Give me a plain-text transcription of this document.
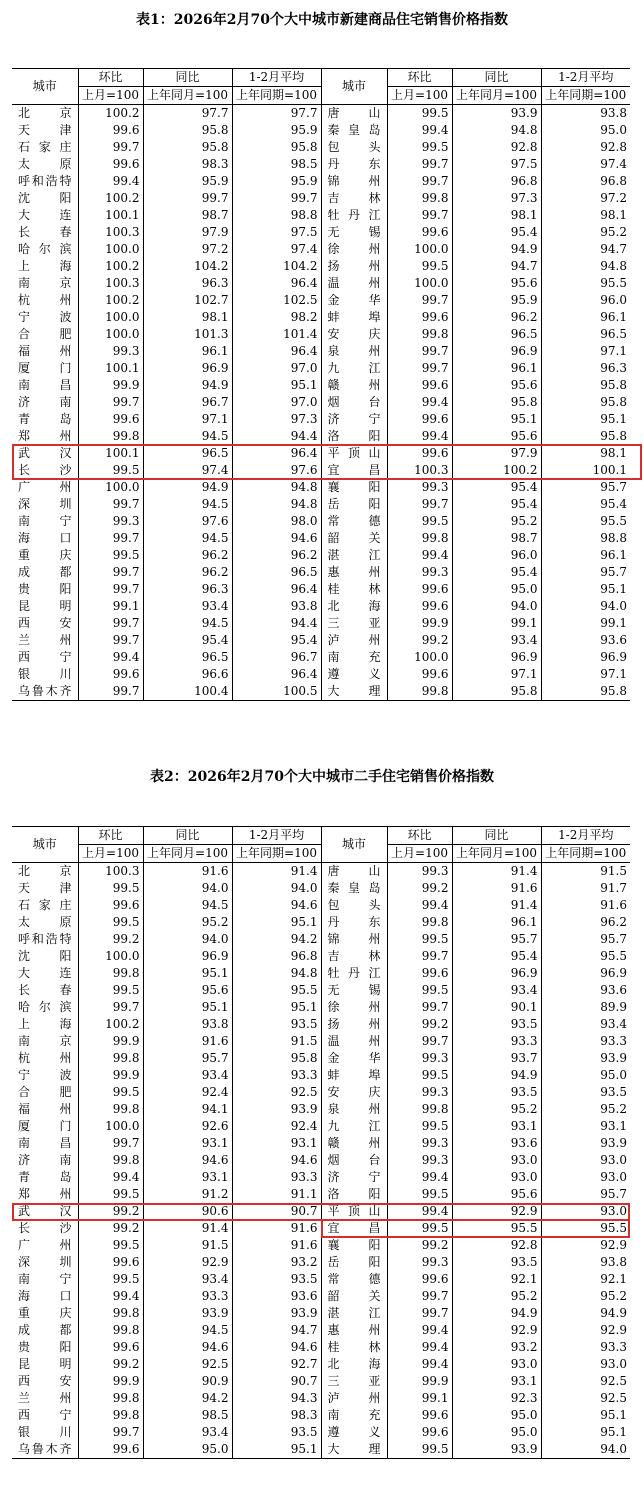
表1：2026年2月70个大中城市新建商品住宅销售价格指数
城市	环比	同比	1-2月平均	城市	环比	同比	1-2月平均
	上月=100	上年同月=100	上年同期=100		上月=100	上年同月=100	上年同期=100
北　京	100.2	97.7	97.7	唐　山	99.5	93.9	93.8
天　津	99.6	95.8	95.9	秦皇岛	99.4	94.8	95.0
石家庄	99.7	95.8	95.8	包　头	99.5	92.8	92.8
太　原	99.6	98.3	98.5	丹　东	99.7	97.5	97.4
呼和浩特	99.4	95.9	95.9	锦　州	99.7	96.8	96.8
沈　阳	100.2	99.7	99.7	吉　林	99.8	97.3	97.2
大　连	100.1	98.7	98.8	牡丹江	99.7	98.1	98.1
长　春	100.3	97.9	97.5	无　锡	99.6	95.4	95.2
哈尔滨	100.0	97.2	97.4	徐　州	100.0	94.9	94.7
上　海	100.2	104.2	104.2	扬　州	99.5	94.7	94.8
南　京	100.3	96.3	96.4	温　州	100.0	95.6	95.5
杭　州	100.2	102.7	102.5	金　华	99.7	95.9	96.0
宁　波	100.0	98.1	98.2	蚌　埠	99.6	96.2	96.1
合　肥	100.0	101.3	101.4	安　庆	99.8	96.5	96.5
福　州	99.3	96.1	96.4	泉　州	99.7	96.9	97.1
厦　门	100.1	96.9	97.0	九　江	99.7	96.1	96.3
南　昌	99.9	94.9	95.1	赣　州	99.6	95.6	95.8
济　南	99.7	96.7	97.0	烟　台	99.4	95.8	95.8
青　岛	99.6	97.1	97.3	济　宁	99.6	95.1	95.1
郑　州	99.8	94.5	94.4	洛　阳	99.4	95.6	95.8
武　汉	100.1	96.5	96.4	平顶山	99.6	97.9	98.1
长　沙	99.5	97.4	97.6	宜　昌	100.3	100.2	100.1
广　州	100.0	94.9	94.8	襄　阳	99.3	95.4	95.7
深　圳	99.7	94.5	94.8	岳　阳	99.7	95.4	95.4
南　宁	99.3	97.6	98.0	常　德	99.5	95.2	95.5
海　口	99.7	94.5	94.6	韶　关	99.8	98.7	98.8
重　庆	99.5	96.2	96.2	湛　江	99.4	96.0	96.1
成　都	99.7	96.2	96.5	惠　州	99.3	95.4	95.7
贵　阳	99.7	96.3	96.4	桂　林	99.6	95.0	95.1
昆　明	99.1	93.4	93.8	北　海	99.6	94.0	94.0
西　安	99.7	94.5	94.4	三　亚	99.9	99.1	99.1
兰　州	99.7	95.4	95.4	泸　州	99.2	93.4	93.6
西　宁	99.4	96.5	96.7	南　充	100.0	96.9	96.9
银　川	99.6	96.6	96.4	遵　义	99.6	97.1	97.1
乌鲁木齐	99.7	100.4	100.5	大　理	99.8	95.8	95.8
表2：2026年2月70个大中城市二手住宅销售价格指数
城市	环比	同比	1-2月平均	城市	环比	同比	1-2月平均
	上月=100	上年同月=100	上年同期=100		上月=100	上年同月=100	上年同期=100
北　京	100.3	91.6	91.4	唐　山	99.3	91.4	91.5
天　津	99.5	94.0	94.0	秦皇岛	99.2	91.6	91.7
石家庄	99.6	94.5	94.6	包　头	99.4	91.4	91.6
太　原	99.5	95.2	95.1	丹　东	99.8	96.1	96.2
呼和浩特	99.2	94.0	94.2	锦　州	99.5	95.7	95.7
沈　阳	100.0	96.9	96.8	吉　林	99.7	95.4	95.5
大　连	99.8	95.1	94.8	牡丹江	99.6	96.9	96.9
长　春	99.5	95.6	95.5	无　锡	99.5	93.4	93.6
哈尔滨	99.7	95.1	95.1	徐　州	99.7	90.1	89.9
上　海	100.2	93.8	93.5	扬　州	99.2	93.5	93.4
南　京	99.9	91.6	91.5	温　州	99.7	93.3	93.3
杭　州	99.8	95.7	95.8	金　华	99.3	93.7	93.9
宁　波	99.9	93.4	93.3	蚌　埠	99.5	94.9	95.0
合　肥	99.5	92.4	92.5	安　庆	99.3	93.5	93.5
福　州	99.8	94.1	93.9	泉　州	99.8	95.2	95.2
厦　门	100.0	92.6	92.4	九　江	99.5	93.1	93.1
南　昌	99.7	93.1	93.1	赣　州	99.3	93.6	93.9
济　南	99.8	94.6	94.6	烟　台	99.3	93.0	93.0
青　岛	99.4	93.1	93.3	济　宁	99.4	93.0	93.0
郑　州	99.5	91.2	91.1	洛　阳	99.5	95.6	95.7
武　汉	99.2	90.6	90.7	平顶山	99.4	92.9	93.0
长　沙	99.2	91.4	91.6	宜　昌	99.5	95.5	95.5
广　州	99.5	91.5	91.6	襄　阳	99.2	92.8	92.9
深　圳	99.6	92.9	93.2	岳　阳	99.3	93.5	93.8
南　宁	99.5	93.4	93.5	常　德	99.6	92.1	92.1
海　口	99.4	93.3	93.6	韶　关	99.7	95.2	95.2
重　庆	99.8	93.9	93.9	湛　江	99.7	94.9	94.9
成　都	99.8	94.5	94.7	惠　州	99.4	92.9	92.9
贵　阳	99.6	94.6	94.6	桂　林	99.4	93.2	93.3
昆　明	99.2	92.5	92.7	北　海	99.4	93.0	93.0
西　安	99.9	90.9	90.7	三　亚	99.9	93.1	92.5
兰　州	99.8	94.2	94.3	泸　州	99.1	92.3	92.5
西　宁	99.8	98.5	98.3	南　充	99.6	95.0	95.1
银　川	99.7	93.4	93.5	遵　义	99.6	95.0	95.1
乌鲁木齐	99.6	95.0	95.1	大　理	99.5	93.9	94.0
